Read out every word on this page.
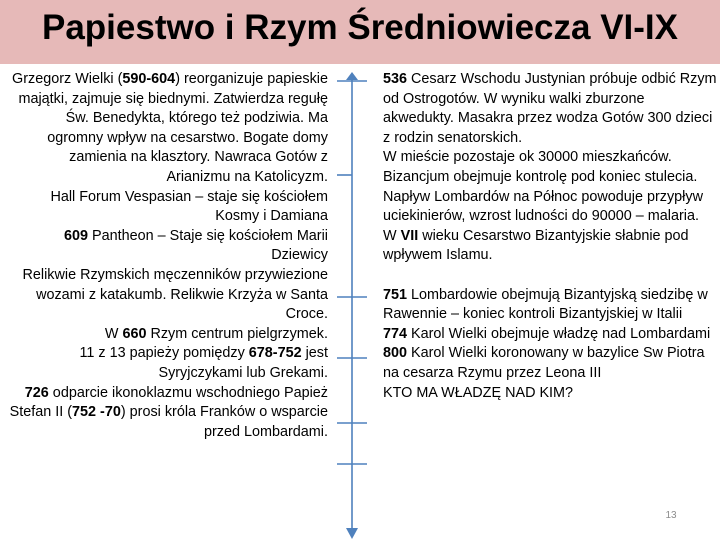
Papiestwo i Rzym Średniowiecza VI-IX
Grzegorz Wielki (590-604) reorganizuje papieskie majątki, zajmuje się biednymi. Zatwierdza regułę Św. Benedykta, którego też podziwia. Ma ogromny wpływ na cesarstwo. Bogate domy zamienia na klasztory. Nawraca Gotów z Arianizmu na Katolicyzm.
Hall Forum Vespasian – staje się kościołem Kosmy i Damiana
609 Pantheon – Staje się kościołem Marii Dziewicy
Relikwie Rzymskich męczenników przywiezione wozami z katakumb. Relikwie Krzyża w Santa Croce.
W 660 Rzym centrum pielgrzymek.
11 z 13 papieży pomiędzy 678-752 jest Syryjczykami lub Grekami.
726 odparcie ikonoklazmu wschodniego Papież Stefan II (752 -70) prosi króla Franków o wsparcie przed Lombardami.
536 Cesarz Wschodu Justynian próbuje odbić Rzym od Ostrogotów. W wyniku walki zburzone akwedukty. Masakra przez wodza Gotów 300 dzieci z rodzin senatorskich.
W mieście pozostaje ok 30000 mieszkańców.
Bizancjum obejmuje kontrolę pod koniec stulecia.
Napływ Lombardów na Północ powoduje przypływ uciekinierów, wzrost ludności do 90000 – malaria.
W VII wieku Cesarstwo Bizantyjskie słabnie pod wpływem Islamu.

751 Lombardowie obejmują Bizantyjską siedzibę w Rawennie – koniec kontroli Bizantyjskiej w Italii
774 Karol Wielki obejmuje władzę nad Lombardami
800 Karol Wielki koronowany w bazylice Sw Piotra na cesarza Rzymu przez Leona III
KTO MA WŁADZĘ NAD KIM?
13
